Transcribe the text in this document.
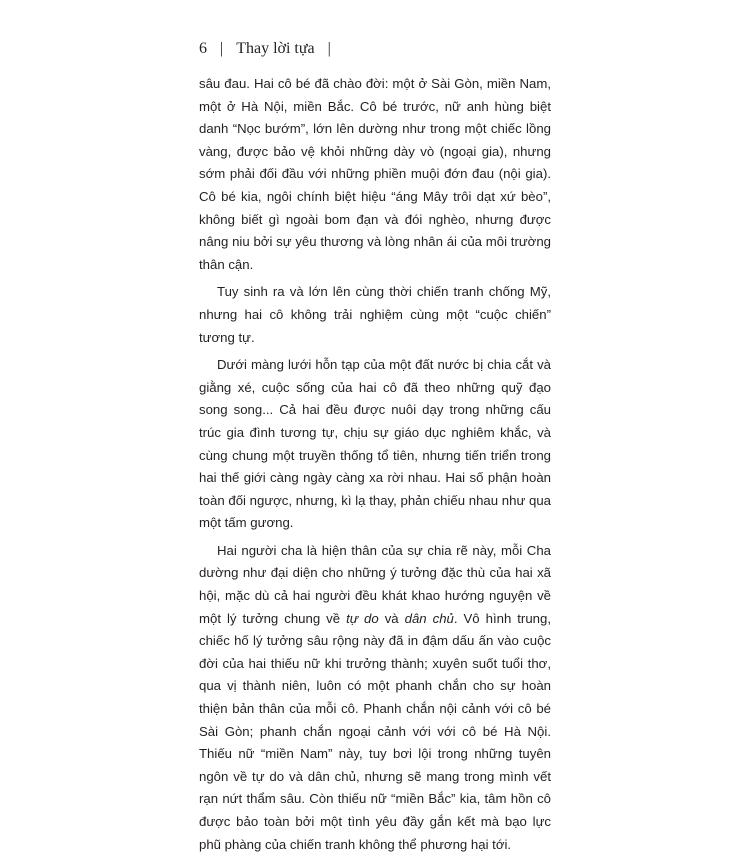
6 | Thay lời tựa |

sâu đau. Hai cô bé đã chào đời: một ở Sài Gòn, miền Nam, một ở Hà Nội, miền Bắc. Cô bé trước, nữ anh hùng biệt danh “Nọc bướm”, lớn lên dường như trong một chiếc lồng vàng, được bảo vệ khỏi những dày vò (ngoại gia), nhưng sớm phải đối đầu với những phiền muội đớn đau (nội gia). Cô bé kia, ngôi chính biệt hiệu “áng Mây trôi dạt xứ bèo”, không biết gì ngoài bom đạn và đói nghèo, nhưng được nâng niu bởi sự yêu thương và lòng nhân ái của môi trường thân cận.

Tuy sinh ra và lớn lên cùng thời chiến tranh chống Mỹ, nhưng hai cô không trải nghiệm cùng một “cuộc chiến” tương tự.

Dưới màng lưới hỗn tạp của một đất nước bị chia cắt và giằng xé, cuộc sống của hai cô đã theo những quỹ đạo song song... Cả hai đều được nuôi dạy trong những cấu trúc gia đình tương tự, chịu sự giáo dục nghiêm khắc, và cùng chung một truyền thống tổ tiên, nhưng tiến triển trong hai thế giới càng ngày càng xa rời nhau. Hai số phận hoàn toàn đối ngược, nhưng, kì lạ thay, phản chiếu nhau như qua một tấm gương.

Hai người cha là hiện thân của sự chia rẽ này, mỗi Cha dường như đại diện cho những ý tưởng đặc thù của hai xã hội, mặc dù cả hai người đều khát khao hướng nguyện về một lý tưởng chung về tự do và dân chủ. Vô hình trung, chiếc hố lý tưởng sâu rộng này đã in đậm dấu ấn vào cuộc đời của hai thiếu nữ khi trưởng thành; xuyên suốt tuổi thơ, qua vị thành niên, luôn có một phanh chắn cho sự hoàn thiện bản thân của mỗi cô. Phanh chắn nội cảnh với cô bé Sài Gòn; phanh chắn ngoại cảnh với với cô bé Hà Nội. Thiếu nữ “miền Nam” này, tuy bơi lội trong những tuyên ngôn về tự do và dân chủ, nhưng sẽ mang trong mình vết rạn nứt thẩm sâu. Còn thiếu nữ “miền Bắc” kia, tâm hồn cô được bảo toàn bởi một tình yêu đầy gắn kết mà bạo lực phũ phàng của chiến tranh không thể phương hại tới.
